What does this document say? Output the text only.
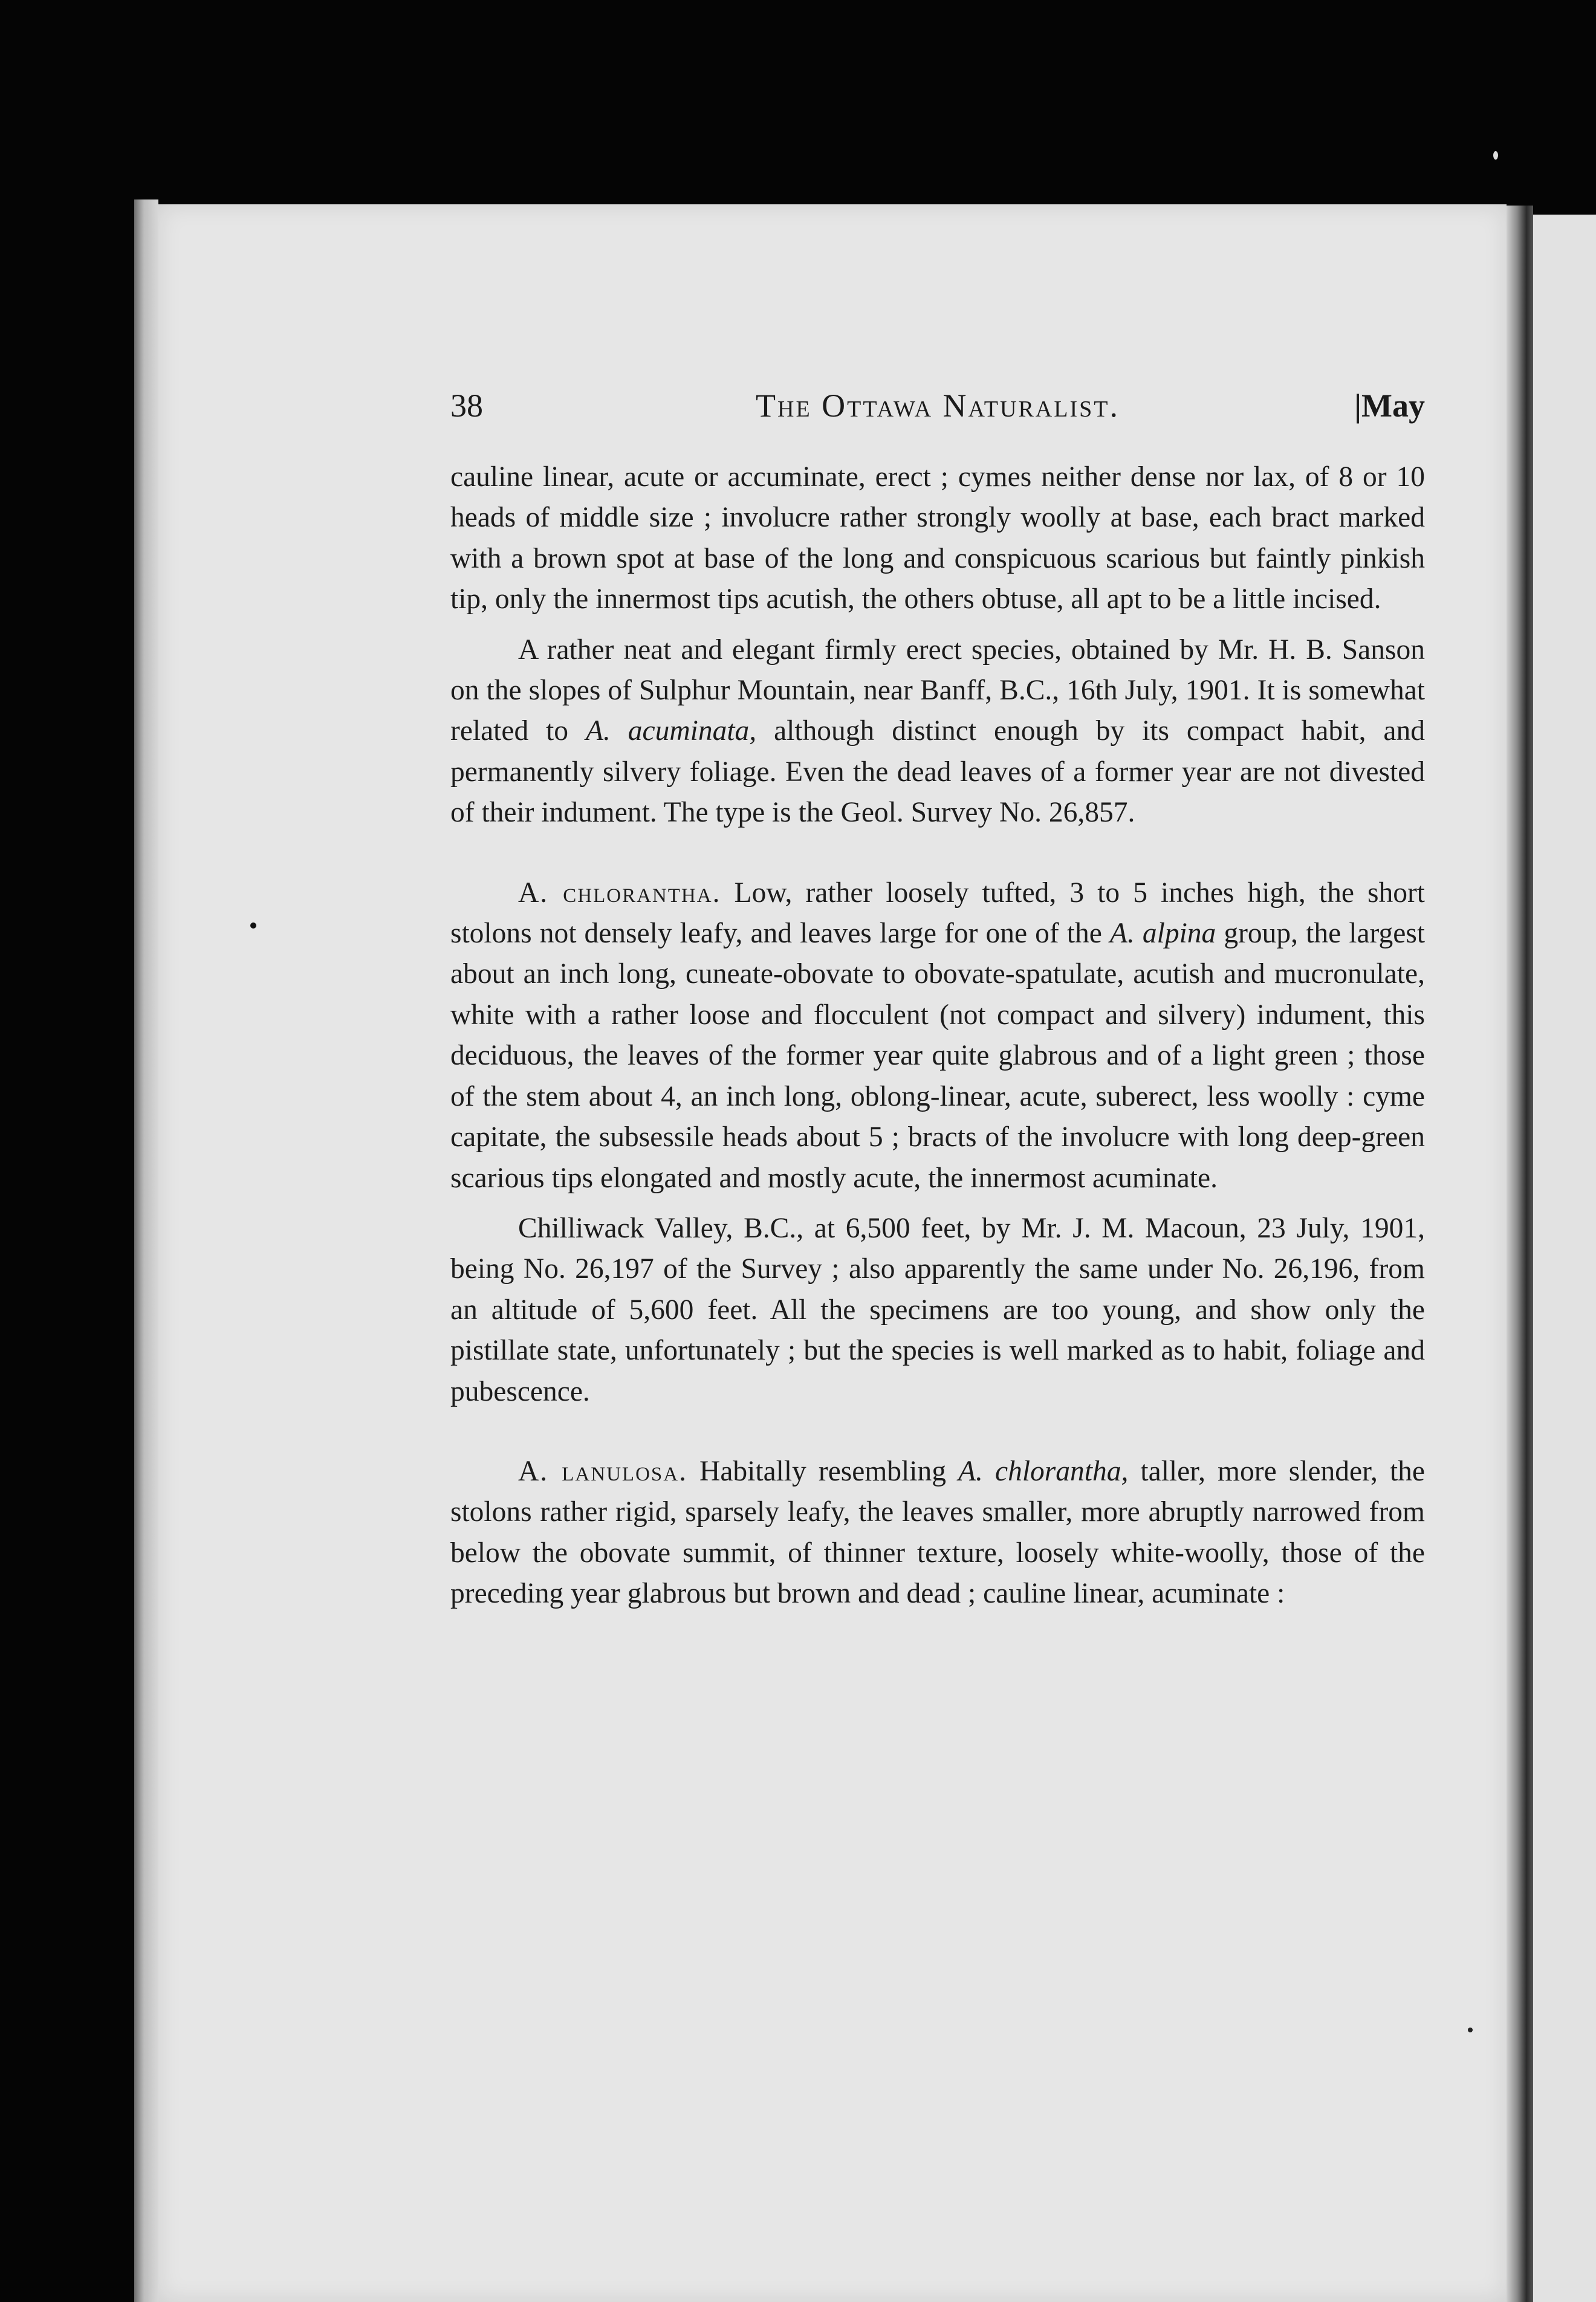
38	The Ottawa Naturalist.	|May

cauline linear, acute or accuminate, erect ; cymes neither dense nor lax, of 8 or 10 heads of middle size ; involucre rather strongly woolly at base, each bract marked with a brown spot at base of the long and conspicuous scarious but faintly pinkish tip, only the innermost tips acutish, the others obtuse, all apt to be a little incised.

A rather neat and elegant firmly erect species, obtained by Mr. H. B. Sanson on the slopes of Sulphur Mountain, near Banff, B.C., 16th July, 1901. It is somewhat related to A. acuminata, although distinct enough by its compact habit, and permanently silvery foliage. Even the dead leaves of a former year are not divested of their indument. The type is the Geol. Survey No. 26,857.

A. chlorantha. Low, rather loosely tufted, 3 to 5 inches high, the short stolons not densely leafy, and leaves large for one of the A. alpina group, the largest about an inch long, cuneate-obovate to obovate-spatulate, acutish and mucronulate, white with a rather loose and flocculent (not compact and silvery) indument, this deciduous, the leaves of the former year quite glabrous and of a light green ; those of the stem about 4, an inch long, oblong-linear, acute, suberect, less woolly : cyme capitate, the subsessile heads about 5 ; bracts of the involucre with long deep-green scarious tips elongated and mostly acute, the innermost acuminate.

Chilliwack Valley, B.C., at 6,500 feet, by Mr. J. M. Macoun, 23 July, 1901, being No. 26,197 of the Survey ; also apparently the same under No. 26,196, from an altitude of 5,600 feet. All the specimens are too young, and show only the pistillate state, unfortunately ; but the species is well marked as to habit, foliage and pubescence.

A. lanulosa. Habitally resembling A. chlorantha, taller, more slender, the stolons rather rigid, sparsely leafy, the leaves smaller, more abruptly narrowed from below the obovate summit, of thinner texture, loosely white-woolly, those of the preceding year glabrous but brown and dead ; cauline linear, acuminate :
